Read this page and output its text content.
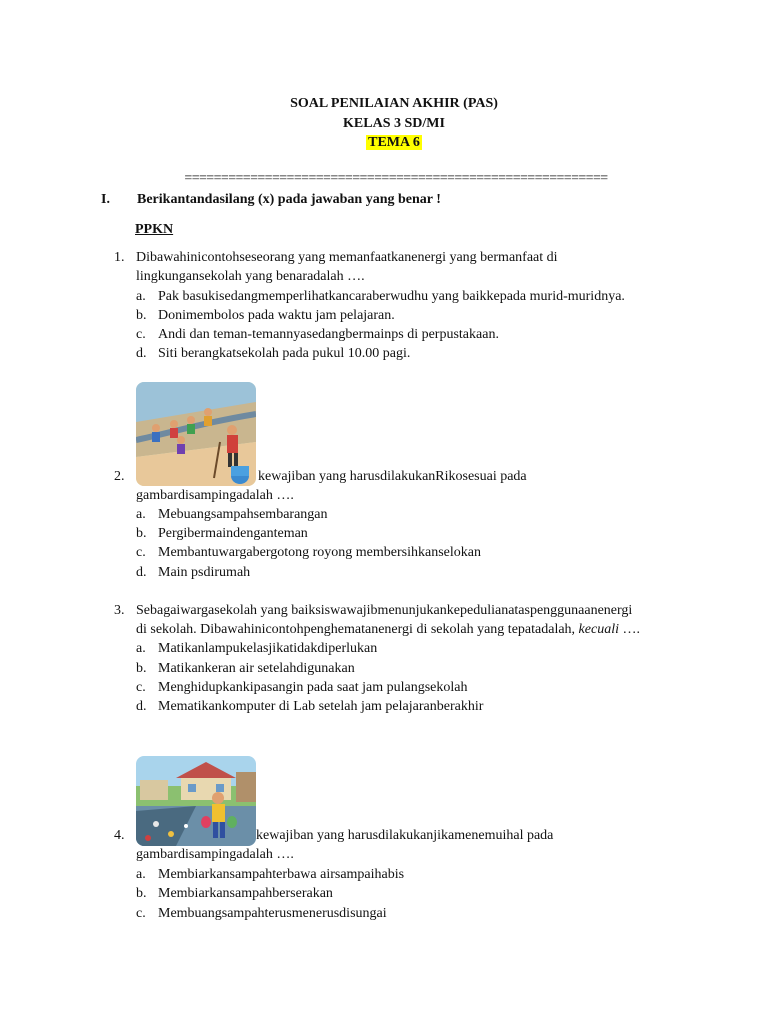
SOAL PENILAIAN AKHIR (PAS)
KELAS 3 SD/MI
TEMA 6
==========================================================
I. Berikantandasilang (x) pada jawaban yang benar !
PPKN
1. Dibawahinicontohseseorang yang memanfaatkanenergi yang bermanfaat di
lingkungansekolah yang benaradalah ….
a. Pak basukisedangmemperlihatkancaraberwudhu yang baikkepada murid-muridnya.
b. Donimembolos pada waktu jam pelajaran.
c. Andi dan teman-temannyasedangbermainps di perpustakaan.
d. Siti berangkatsekolah pada pukul 10.00 pagi.
2.	kewajiban yang harusdilakukanRikosesuai pada
gambardisampingadalah ….
a. Mebuangsampahsembarangan
b. Pergibermaindenganteman
c. Membantuwargabergotong royong membersihkanselokan
d. Main psdirumah
3. Sebagaiwargasekolah yang baiksiswawajibmenunjukankepedulianataspenggunaanenergi
di sekolah. Dibawahinicontohpenghematanenergi di sekolah yang tepatadalah, kecuali ….
a. Matikanlampukelasjikatidakdiperlukan
b. Matikankeran air setelahdigunakan
c. Menghidupkankipasangin pada saat jam pulangsekolah
d. Mematikankomputer di Lab setelah jam pelajaranberakhir
4.	kewajiban yang harusdilakukanjikamenemuihal pada
gambardisampingadalah ….
a. Membiarkansampahterbawa airsampaihabis
b. Membiarkansampahberserakan
c. Membuangsampahterusmenerusdisungai
